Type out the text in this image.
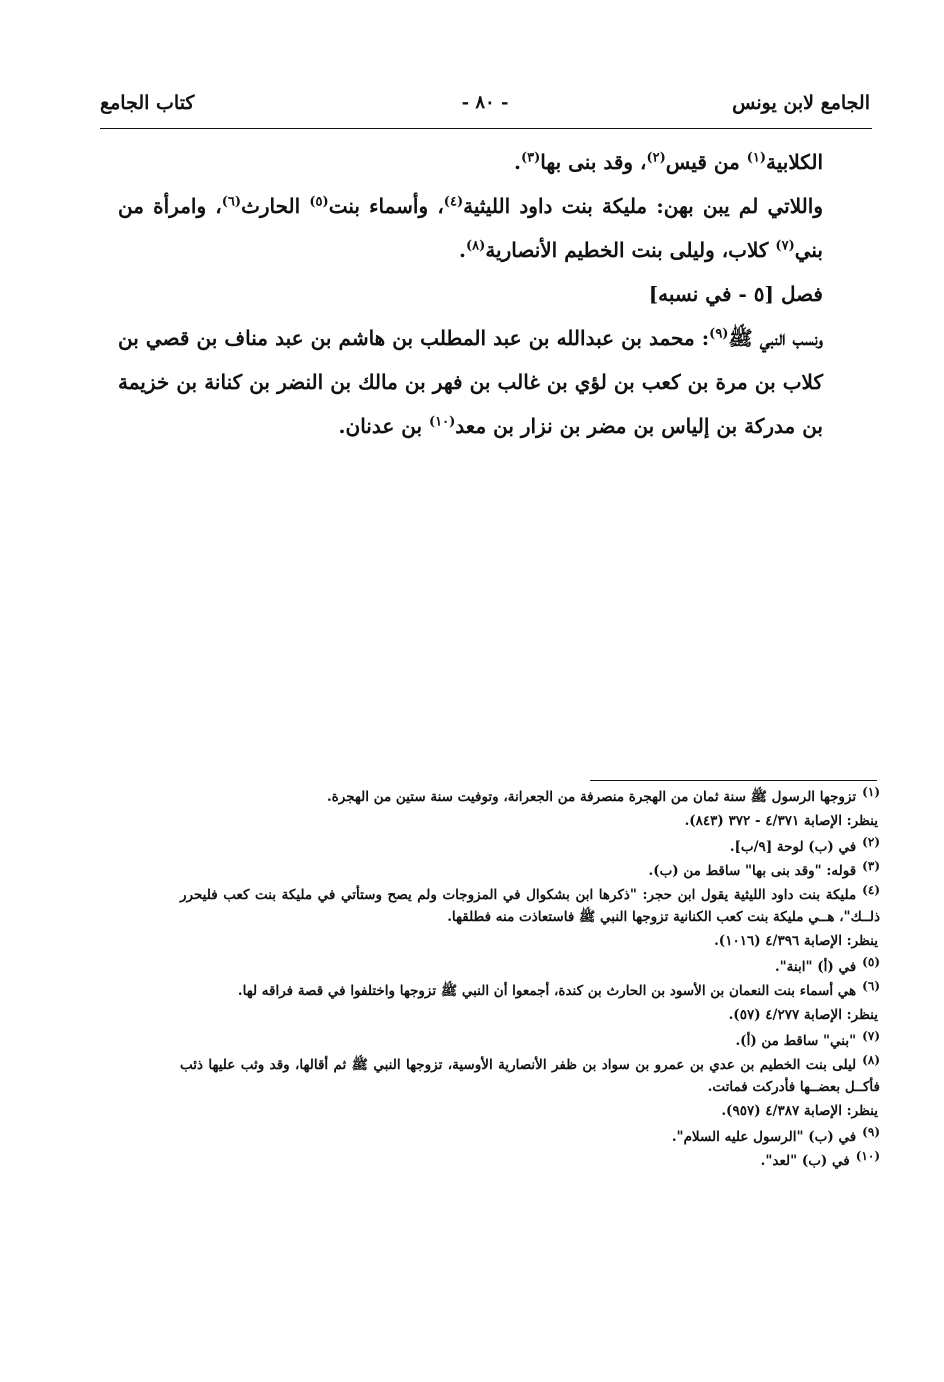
الجامع لابن يونس
- ٨٠ -
كتاب الجامع

الكلابية$^{(١)}$ من قيس$^{(٢)}$، وقد بنى بها$^{(٣)}$.

واللاتي لم يبن بهن: مليكة بنت داود الليثية$^{(٤)}$، وأسماء بنت$^{(٥)}$ الحارث$^{(٦)}$، وامرأة من بني$^{(٧)}$ كلاب، وليلى بنت الخطيم الأنصارية$^{(٨)}$.

فصل [٥ - في نسبه]

ونسب النبي ﷺ$^{(٩)}$: محمد بن عبدالله بن عبد المطلب بن هاشم بن عبد مناف بن قصي بن كلاب بن مرة بن كعب بن لؤي بن غالب بن فهر بن مالك بن النضر بن كنانة بن خزيمة بن مدركة بن إلياس بن مضر بن نزار بن معد$^{(١٠)}$ بن عدنان.

(١)تزوجها الرسول ﷺ سنة ثمان من الهجرة منصرفة من الجعرانة، وتوفيت سنة ستين من الهجرة.
ينظر: الإصابة ٤/٣٧١ - ٣٧٢ (٨٤٣).
(٢)في (ب) لوحة [٩/ب].
(٣)قوله: "وقد بنى بها" ساقط من (ب).
(٤)مليكة بنت داود الليثية يقول ابن حجر: "ذكرها ابن بشكوال في المزوجات ولم يصح وستأتي في مليكة بنت كعب فليحرر ذلــك"، هــي مليكة بنت كعب الكنانية تزوجها النبي ﷺ فاستعاذت منه فطلقها.
ينظر: الإصابة ٤/٣٩٦ (١٠١٦).
(٥)في (أ) "ابنة".
(٦)هي أسماء بنت النعمان بن الأسود بن الحارث بن كندة، أجمعوا أن النبي ﷺ تزوجها واختلفوا في قصة فراقه لها.
ينظر: الإصابة ٤/٢٧٧ (٥٧).
(٧)"بني" ساقط من (أ).
(٨)ليلى بنت الخطيم بن عدي بن عمرو بن سواد بن ظفر الأنصارية الأوسية، تزوجها النبي ﷺ ثم أقالها، وقد وثب عليها ذئب فأكــل بعضــها فأدركت فماتت.
ينظر: الإصابة ٤/٣٨٧ (٩٥٧).
(٩)في (ب) "الرسول عليه السلام".
(١٠)في (ب) "لعد".
